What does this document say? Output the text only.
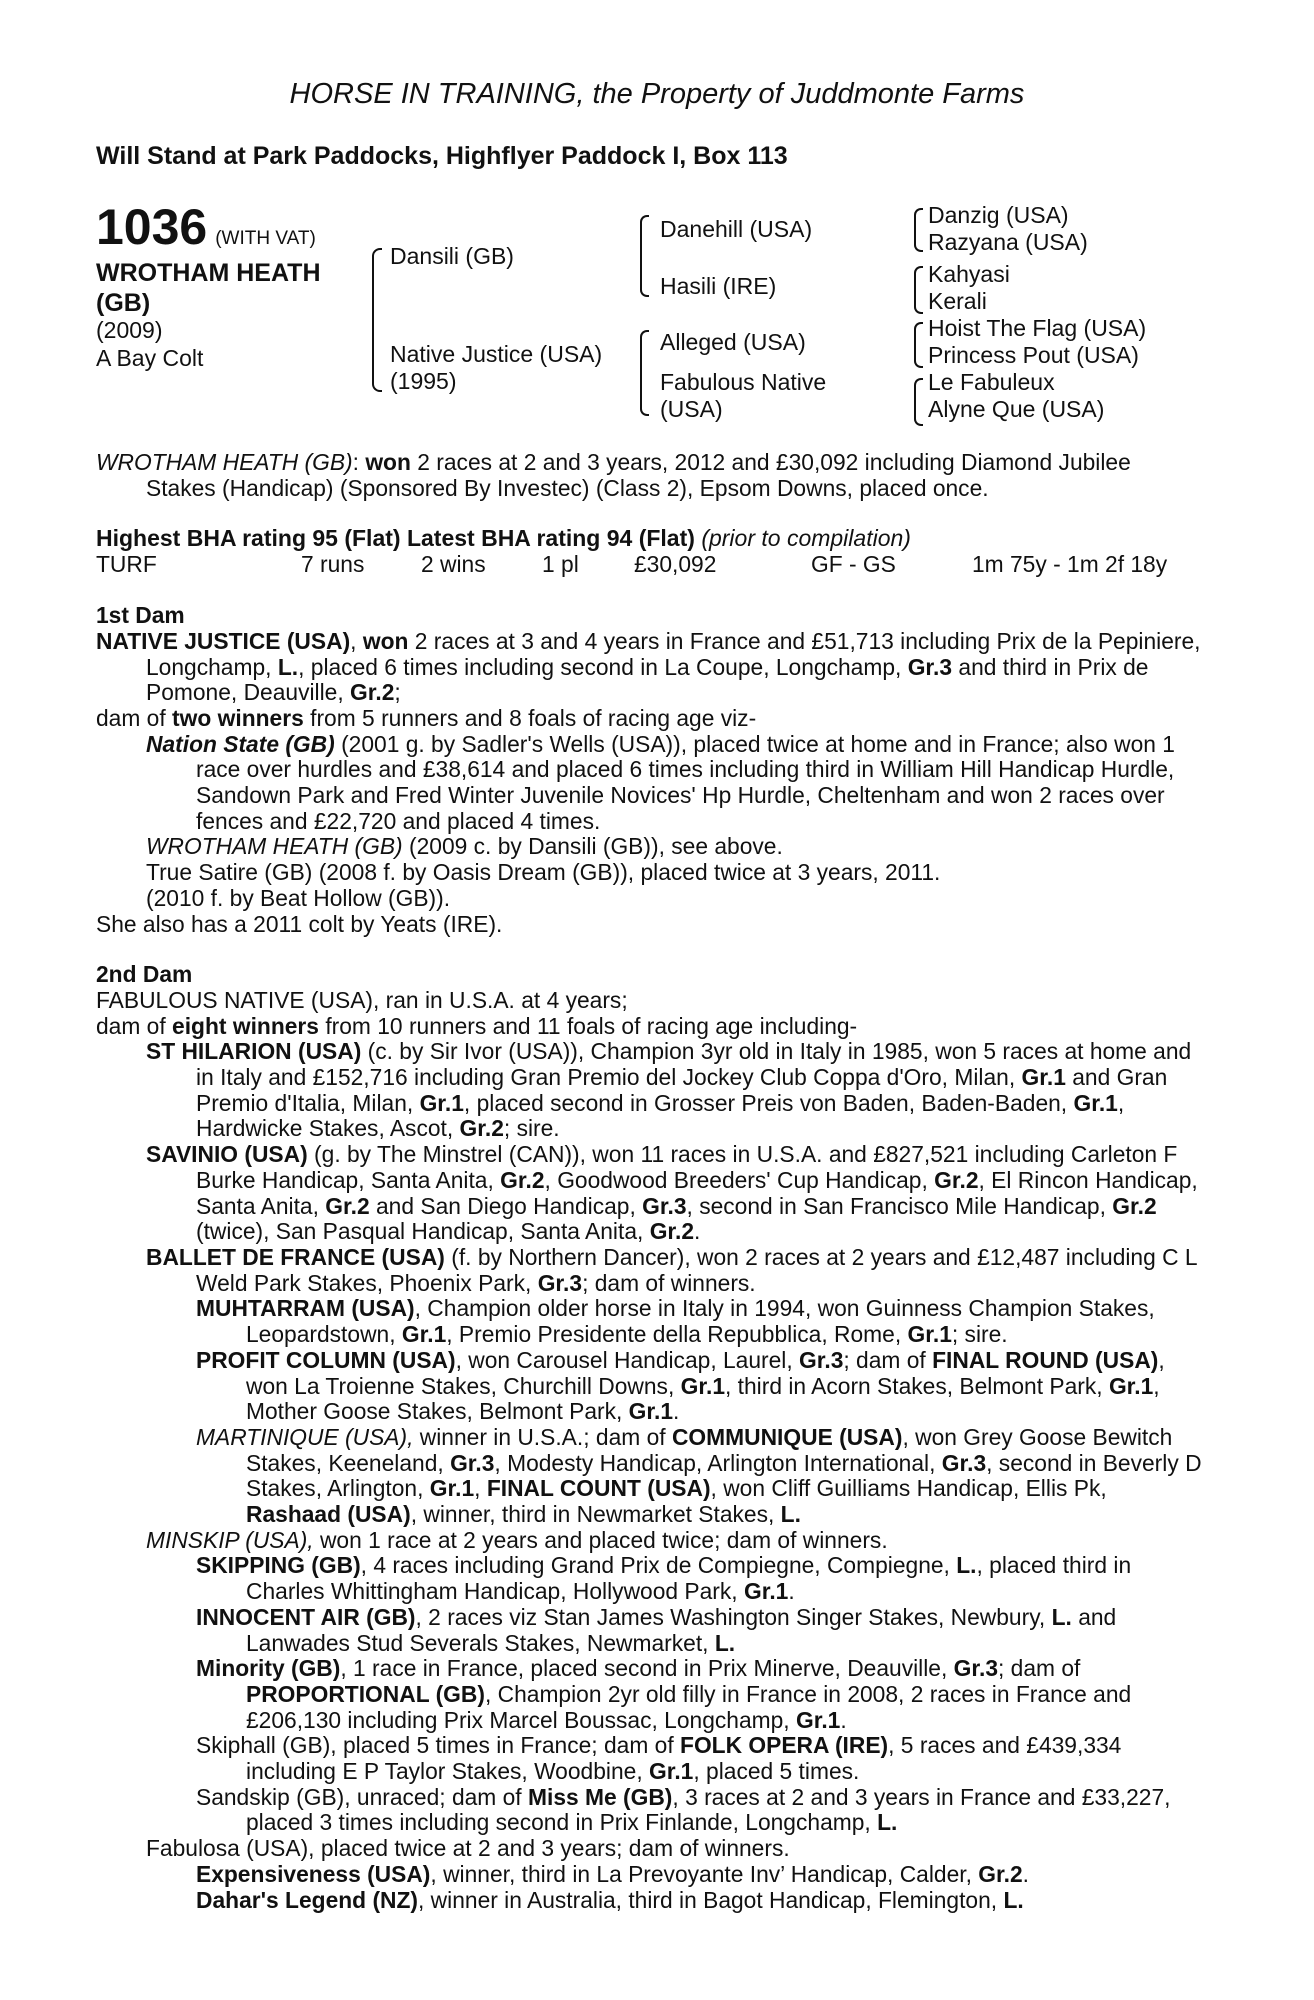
HORSE IN TRAINING, the Property of Juddmonte Farms
Will Stand at Park Paddocks, Highflyer Paddock I, Box 113
1036 (WITH VAT)
WROTHAM HEATH (GB)
(2009)
A Bay Colt
Dansili (GB)
Native Justice (USA)
(1995)
Danehill (USA)
Hasili (IRE)
Alleged (USA)
Fabulous Native
(USA)
Danzig (USA)
Razyana (USA)
Kahyasi
Kerali
Hoist The Flag (USA)
Princess Pout (USA)
Le Fabuleux
Alyne Que (USA)

WROTHAM HEATH (GB): won 2 races at 2 and 3 years, 2012 and £30,092 including Diamond Jubilee Stakes (Handicap) (Sponsored By Investec) (Class 2), Epsom Downs, placed once.

Highest BHA rating 95 (Flat) Latest BHA rating 94 (Flat) (prior to compilation)

TURF	7 runs 2 wins 1 pl £30,092	GF - GS	1m 75y - 1m 2f 18y

1st Dam

NATIVE JUSTICE (USA), won 2 races at 3 and 4 years in France and £51,713 including Prix de la Pepiniere, Longchamp, L., placed 6 times including second in La Coupe, Longchamp, Gr.3 and third in Prix de Pomone, Deauville, Gr.2;

dam of two winners from 5 runners and 8 foals of racing age viz-

Nation State (GB) (2001 g. by Sadler's Wells (USA)), placed twice at home and in France; also won 1 race over hurdles and £38,614 and placed 6 times including third in William Hill Handicap Hurdle, Sandown Park and Fred Winter Juvenile Novices' Hp Hurdle, Cheltenham and won 2 races over fences and £22,720 and placed 4 times.

WROTHAM HEATH (GB) (2009 c. by Dansili (GB)), see above.

True Satire (GB) (2008 f. by Oasis Dream (GB)), placed twice at 3 years, 2011.

(2010 f. by Beat Hollow (GB)).

She also has a 2011 colt by Yeats (IRE).

2nd Dam

FABULOUS NATIVE (USA), ran in U.S.A. at 4 years;

dam of eight winners from 10 runners and 11 foals of racing age including-

ST HILARION (USA) (c. by Sir Ivor (USA)), Champion 3yr old in Italy in 1985, won 5 races at home and in Italy and £152,716 including Gran Premio del Jockey Club Coppa d'Oro, Milan, Gr.1 and Gran Premio d'Italia, Milan, Gr.1, placed second in Grosser Preis von Baden, Baden-Baden, Gr.1, Hardwicke Stakes, Ascot, Gr.2; sire.

SAVINIO (USA) (g. by The Minstrel (CAN)), won 11 races in U.S.A. and £827,521 including Carleton F Burke Handicap, Santa Anita, Gr.2, Goodwood Breeders' Cup Handicap, Gr.2, El Rincon Handicap, Santa Anita, Gr.2 and San Diego Handicap, Gr.3, second in San Francisco Mile Handicap, Gr.2 (twice), San Pasqual Handicap, Santa Anita, Gr.2.

BALLET DE FRANCE (USA) (f. by Northern Dancer), won 2 races at 2 years and £12,487 including C L Weld Park Stakes, Phoenix Park, Gr.3; dam of winners.

MUHTARRAM (USA), Champion older horse in Italy in 1994, won Guinness Champion Stakes, Leopardstown, Gr.1, Premio Presidente della Repubblica, Rome, Gr.1; sire.

PROFIT COLUMN (USA), won Carousel Handicap, Laurel, Gr.3; dam of FINAL ROUND (USA), won La Troienne Stakes, Churchill Downs, Gr.1, third in Acorn Stakes, Belmont Park, Gr.1, Mother Goose Stakes, Belmont Park, Gr.1.

MARTINIQUE (USA), winner in U.S.A.; dam of COMMUNIQUE (USA), won Grey Goose Bewitch Stakes, Keeneland, Gr.3, Modesty Handicap, Arlington International, Gr.3, second in Beverly D Stakes, Arlington, Gr.1, FINAL COUNT (USA), won Cliff Guilliams Handicap, Ellis Pk, Rashaad (USA), winner, third in Newmarket Stakes, L.

MINSKIP (USA), won 1 race at 2 years and placed twice; dam of winners.

SKIPPING (GB), 4 races including Grand Prix de Compiegne, Compiegne, L., placed third in Charles Whittingham Handicap, Hollywood Park, Gr.1.

INNOCENT AIR (GB), 2 races viz Stan James Washington Singer Stakes, Newbury, L. and Lanwades Stud Severals Stakes, Newmarket, L.

Minority (GB), 1 race in France, placed second in Prix Minerve, Deauville, Gr.3; dam of PROPORTIONAL (GB), Champion 2yr old filly in France in 2008, 2 races in France and £206,130 including Prix Marcel Boussac, Longchamp, Gr.1.

Skiphall (GB), placed 5 times in France; dam of FOLK OPERA (IRE), 5 races and £439,334 including E P Taylor Stakes, Woodbine, Gr.1, placed 5 times.

Sandskip (GB), unraced; dam of Miss Me (GB), 3 races at 2 and 3 years in France and £33,227, placed 3 times including second in Prix Finlande, Longchamp, L.

Fabulosa (USA), placed twice at 2 and 3 years; dam of winners.

Expensiveness (USA), winner, third in La Prevoyante Inv’ Handicap, Calder, Gr.2.

Dahar's Legend (NZ), winner in Australia, third in Bagot Handicap, Flemington, L.
